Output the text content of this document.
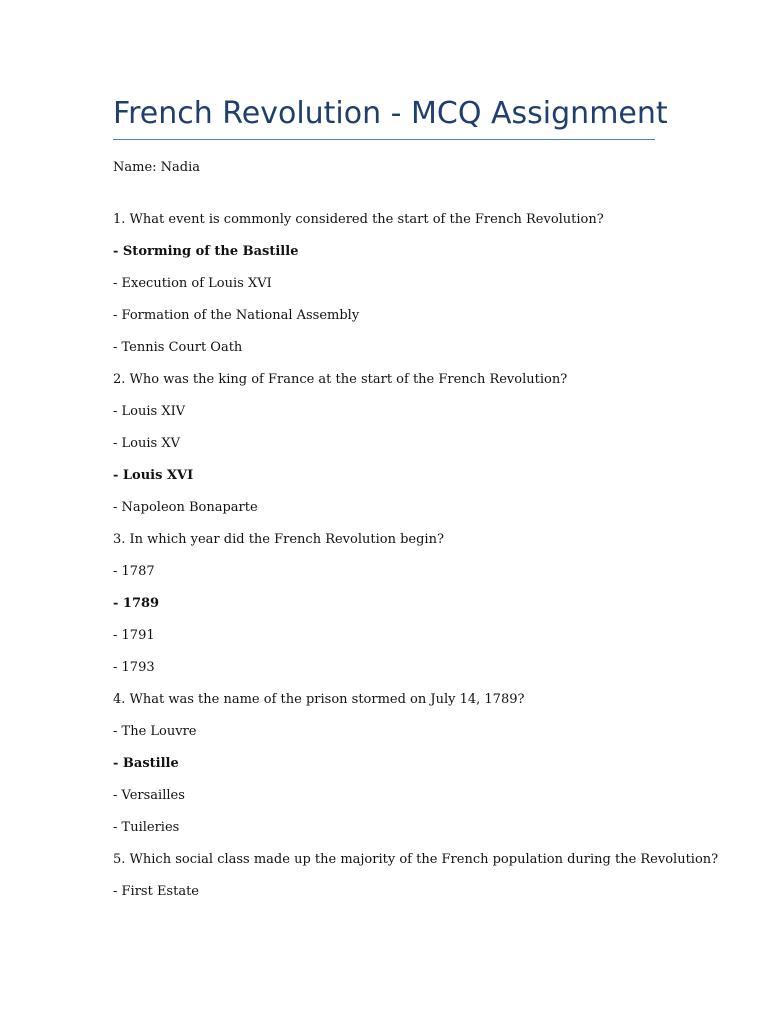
French Revolution - MCQ Assignment
Name: Nadia
1. What event is commonly considered the start of the French Revolution?
- Storming of the Bastille
- Execution of Louis XVI
- Formation of the National Assembly
- Tennis Court Oath
2. Who was the king of France at the start of the French Revolution?
- Louis XIV
- Louis XV
- Louis XVI
- Napoleon Bonaparte
3. In which year did the French Revolution begin?
- 1787
- 1789
- 1791
- 1793
4. What was the name of the prison stormed on July 14, 1789?
- The Louvre
- Bastille
- Versailles
- Tuileries
5. Which social class made up the majority of the French population during the Revolution?
- First Estate
